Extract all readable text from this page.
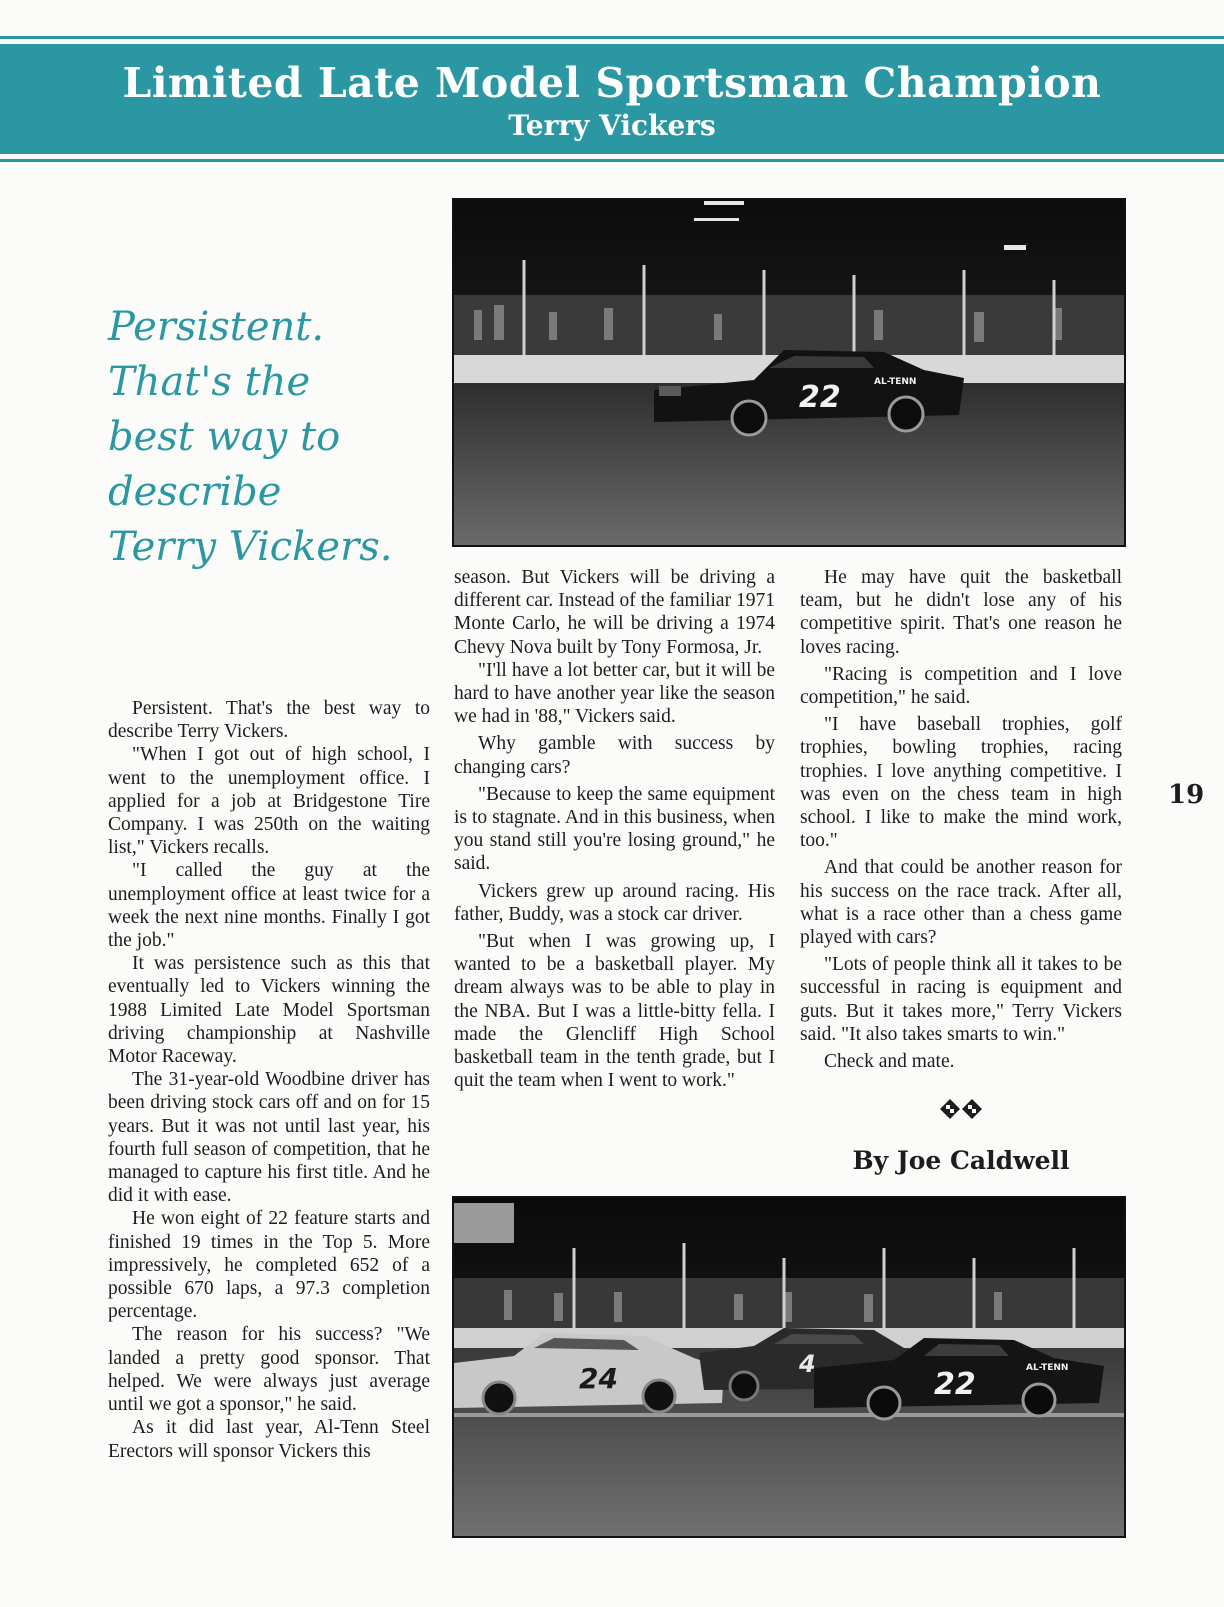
Limited Late Model Sportsman Champion
Terry Vickers

Persistent.
That's the
best way to
describe
Terry Vickers.

22	AL-TENN

Persistent. That's the best way to describe Terry Vickers.

"When I got out of high school, I went to the unemployment office. I applied for a job at Bridgestone Tire Company. I was 250th on the waiting list," Vickers recalls.

"I called the guy at the unemployment office at least twice for a week the next nine months. Finally I got the job."

It was persistence such as this that eventually led to Vickers winning the 1988 Limited Late Model Sportsman driving championship at Nashville Motor Raceway.

The 31-year-old Woodbine driver has been driving stock cars off and on for 15 years. But it was not until last year, his fourth full season of competition, that he managed to capture his first title. And he did it with ease.

He won eight of 22 feature starts and finished 19 times in the Top 5. More impressively, he completed 652 of a possible 670 laps, a 97.3 completion percentage.

The reason for his success? "We landed a pretty good sponsor. That helped. We were always just average until we got a sponsor," he said.

As it did last year, Al-Tenn Steel Erectors will sponsor Vickers this

season. But Vickers will be driving a different car. Instead of the familiar 1971 Monte Carlo, he will be driving a 1974 Chevy Nova built by Tony Formosa, Jr.

"I'll have a lot better car, but it will be hard to have another year like the season we had in '88," Vickers said.

Why gamble with success by changing cars?

"Because to keep the same equipment is to stagnate. And in this business, when you stand still you're losing ground," he said.

Vickers grew up around racing. His father, Buddy, was a stock car driver.

"But when I was growing up, I wanted to be a basketball player. My dream always was to be able to play in the NBA. But I was a little-bitty fella. I made the Glencliff High School basketball team in the tenth grade, but I quit the team when I went to work."

He may have quit the basketball team, but he didn't lose any of his competitive spirit. That's one reason he loves racing.

"Racing is competition and I love competition," he said.

"I have baseball trophies, golf trophies, bowling trophies, racing trophies. I love anything competitive. I was even on the chess team in high school. I like to make the mind work, too."

And that could be another reason for his success on the race track. After all, what is a race other than a chess game played with cars?

"Lots of people think all it takes to be successful in racing is equipment and guts. But it takes more," Terry Vickers said. "It also takes smarts to win."

Check and mate.

By Joe Caldwell

19
24	4
22	AL-TENN
